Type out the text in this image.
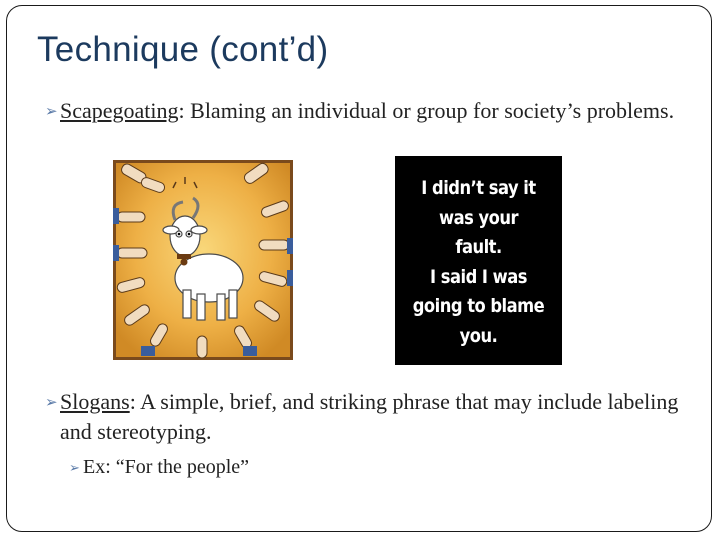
Technique (cont’d)
➢ Scapegoating: Blaming an individual or group for society’s problems.
I didn’t say it
was your
fault.
I said I was
going to blame
you.
➢ Slogans: A simple, brief, and striking phrase that may include labeling and stereotyping.
➢ Ex: “For the people”
